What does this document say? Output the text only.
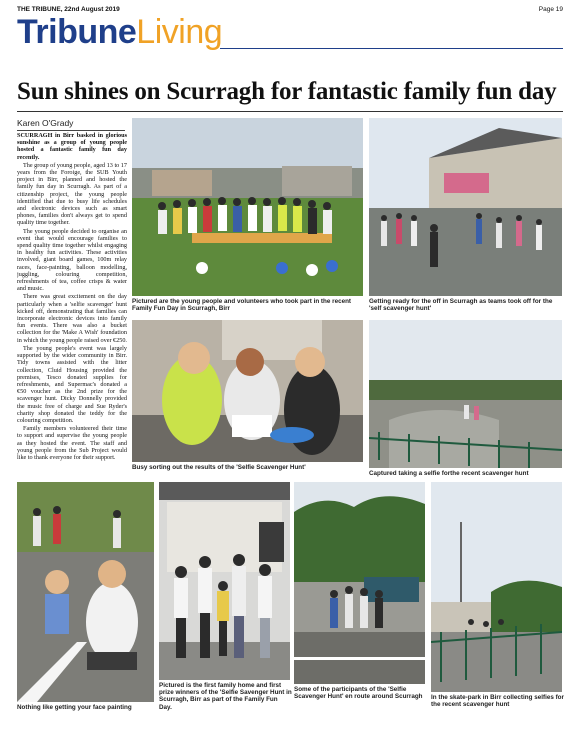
THE TRIBUNE, 22nd August 2019	Page 19
TribuneLiving
Sun shines on Scurragh for fantastic family fun day
Karen O'Grady

SCURRAGH in Birr basked in glorious sunshine as a group of young people hosted a fantastic family fun day recently.

The group of young people, aged 13 to 17 years from the Foroige, the SUB Youth project in Birr, planned and hosted the family fun day in Scurragh. As part of a citizenship project, the young people identified that due to busy life schedules and electronic devices such as smart phones, families don't always get to spend quality time together.

The young people decided to organise an event that would encourage families to spend quality time together whilst engaging in healthy fun activities. These activities involved, giant board games, 100m relay races, face-painting, balloon modelling, juggling, colouring competition, refreshments of tea, coffee crisps & water and music.

There was great excitement on the day particularly when a 'selfie scavenger' hunt kicked off, demonstrating that families can incorporate electronic devices into family fun events. There was also a bucket collection for the 'Make A Wish' foundation in which the young people raised over €250.

The young people's event was largely supported by the wider community in Birr. Tidy towns assisted with the litter collection, Cluid Housing provided the premises, Tesco donated supplies for refreshments, and Supermac's donated a €50 voucher as the 2nd prize for the scavenger hunt. Dicky Donnelly provided the music free of charge and Sue Ryder's charity shop donated the teddy for the colouring competition.

Family members volunteered their time to support and supervise the young people as they hosted the event. The staff and young people from the Sub Project would like to thank everyone for their support.

Pictured are the young people and volunteers who took part in the recent Family Fun Day in Scurragh, Birr
Getting ready for the off in Scurragh as teams took off for the 'self scavenger hunt'
Busy sorting out the results of the 'Selfie Scavenger Hunt'
Captured taking a selfie forthe recent scavenger hunt
Nothing like getting your face painting
Pictured is the first family home and first prize winners of the 'Selfie Savenger Hunt in Scurragh, Birr as part of the Family Fun Day.
Some of the participants of the 'Selfie Scavenger Hunt' en route around Scurragh	In the skate-park in Birr collecting selfies for the recent scavenger hunt
